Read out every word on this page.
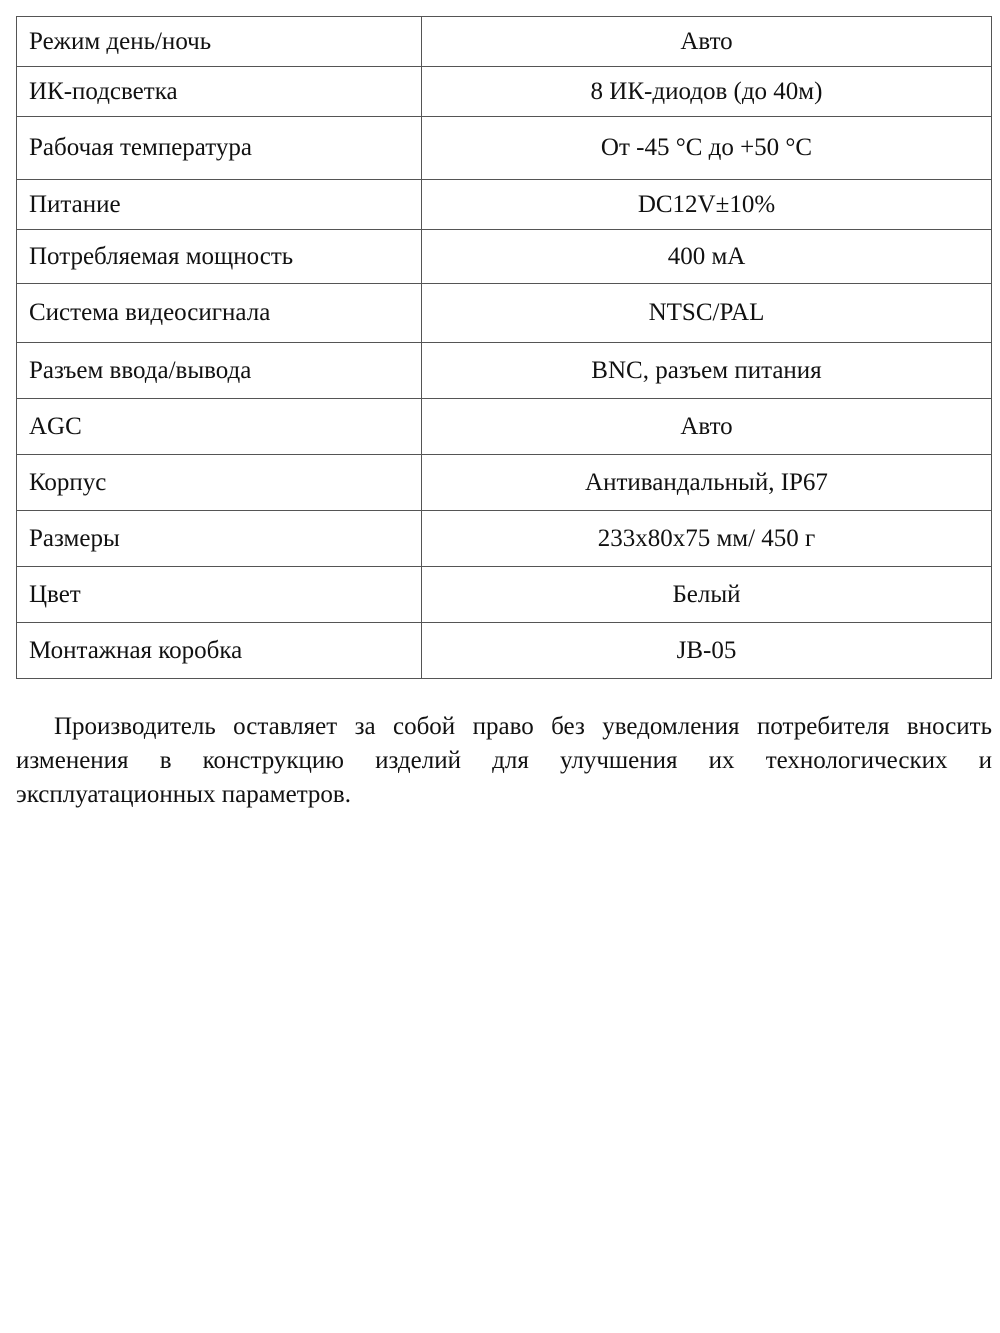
Режим день/ночь	Авто
ИК-подсветка	8 ИК-диодов (до 40м)
Рабочая температура	От -45 °C до +50 °C
Питание	DC12V±10%
Потребляемая мощность	400 мА
Система видеосигнала	NTSC/PAL
Разъем ввода/вывода	BNC, разъем питания
AGC	Авто
Корпус	Антивандальный, IP67
Размеры	233x80x75 мм/ 450 г
Цвет	Белый
Монтажная коробка	JB-05

Производитель оставляет за собой право без уведомления потребителя вносить изменения в конструкцию изделий для улучшения их технологических и эксплуатационных параметров.
